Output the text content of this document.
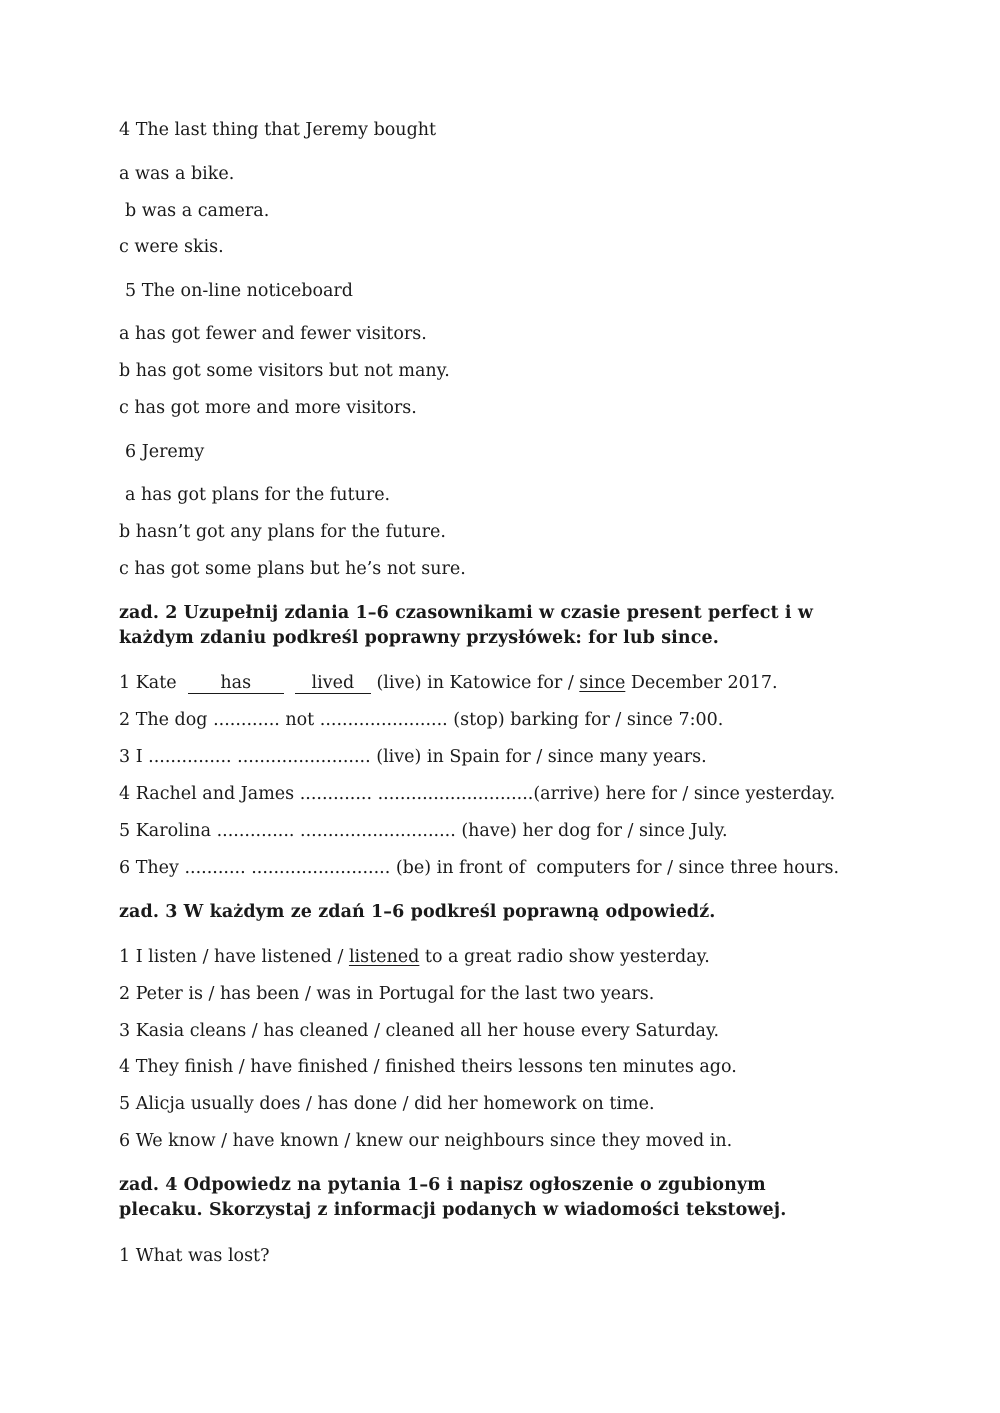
4 The last thing that Jeremy bought
a was a bike.
b was a camera.
c were skis.
5 The on-line noticeboard
a has got fewer and fewer visitors.
b has got some visitors but not many.
c has got more and more visitors.
6 Jeremy
a has got plans for the future.
b hasn’t got any plans for the future.
c has got some plans but he’s not sure.
zad. 2 Uzupełnij zdania 1–6 czasownikami w czasie present perfect i w
każdym zdaniu podkreśl poprawny przysłówek: for lub since.
1 Kate	has	lived (live) in Katowice for / since December 2017.
2 The dog ............ not ....................... (stop) barking for / since 7:00.
3 I ............... ........................ (live) in Spain for / since many years.
4 Rachel and James ............. ............................(arrive) here for / since yesterday.
5 Karolina .............. ............................ (have) her dog for / since July.
6 They ........... ......................... (be) in front of  computers for / since three hours.
zad. 3 W każdym ze zdań 1–6 podkreśl poprawną odpowiedź.
1 I listen / have listened / listened to a great radio show yesterday.
2 Peter is / has been / was in Portugal for the last two years.
3 Kasia cleans / has cleaned / cleaned all her house every Saturday.
4 They finish / have finished / finished theirs lessons ten minutes ago.
5 Alicja usually does / has done / did her homework on time.
6 We know / have known / knew our neighbours since they moved in.
zad. 4 Odpowiedz na pytania 1–6 i napisz ogłoszenie o zgubionym
plecaku. Skorzystaj z informacji podanych w wiadomości tekstowej.
1 What was lost?
